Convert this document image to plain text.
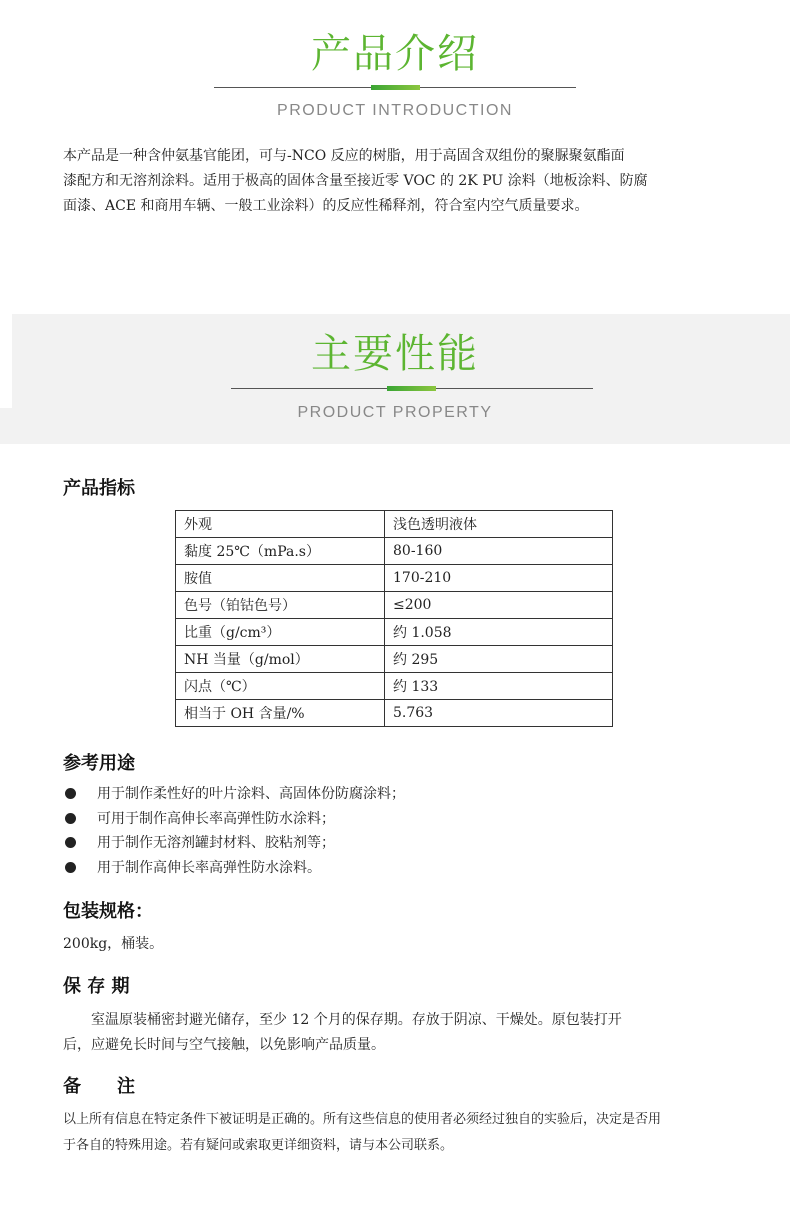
产品介绍
PRODUCT INTRODUCTION

本产品是一种含仲氨基官能团，可与-NCO 反应的树脂，用于高固含双组份的聚脲聚氨酯面

漆配方和无溶剂涂料。适用于极高的固体含量至接近零 VOC 的 2K PU 涂料（地板涂料、防腐

面漆、ACE 和商用车辆、一般工业涂料）的反应性稀释剂，符合室内空气质量要求。

主要性能
PRODUCT PROPERTY
产品指标
外观	浅色透明液体
黏度 25℃（mPa.s）	80-160
胺值	170-210
色号（铂钴色号）	≤200
比重（g/cm³）	约 1.058
NH 当量（g/mol）	约 295
闪点（℃）	约 133
相当于 OH 含量/%	5.763
参考用途
用于制作柔性好的叶片涂料、高固体份防腐涂料；
可用于制作高伸长率高弹性防水涂料；
用于制作无溶剂罐封材料、胶粘剂等；
用于制作高伸长率高弹性防水涂料。
包装规格：

200kg，桶装。

保 存 期

　　室温原装桶密封避光储存，至少 12 个月的保存期。存放于阴凉、干燥处。原包装打开

后，应避免长时间与空气接触，以免影响产品质量。

备　　注

以上所有信息在特定条件下被证明是正确的。所有这些信息的使用者必须经过独自的实验后，决定是否用

于各自的特殊用途。若有疑问或索取更详细资料，请与本公司联系。
